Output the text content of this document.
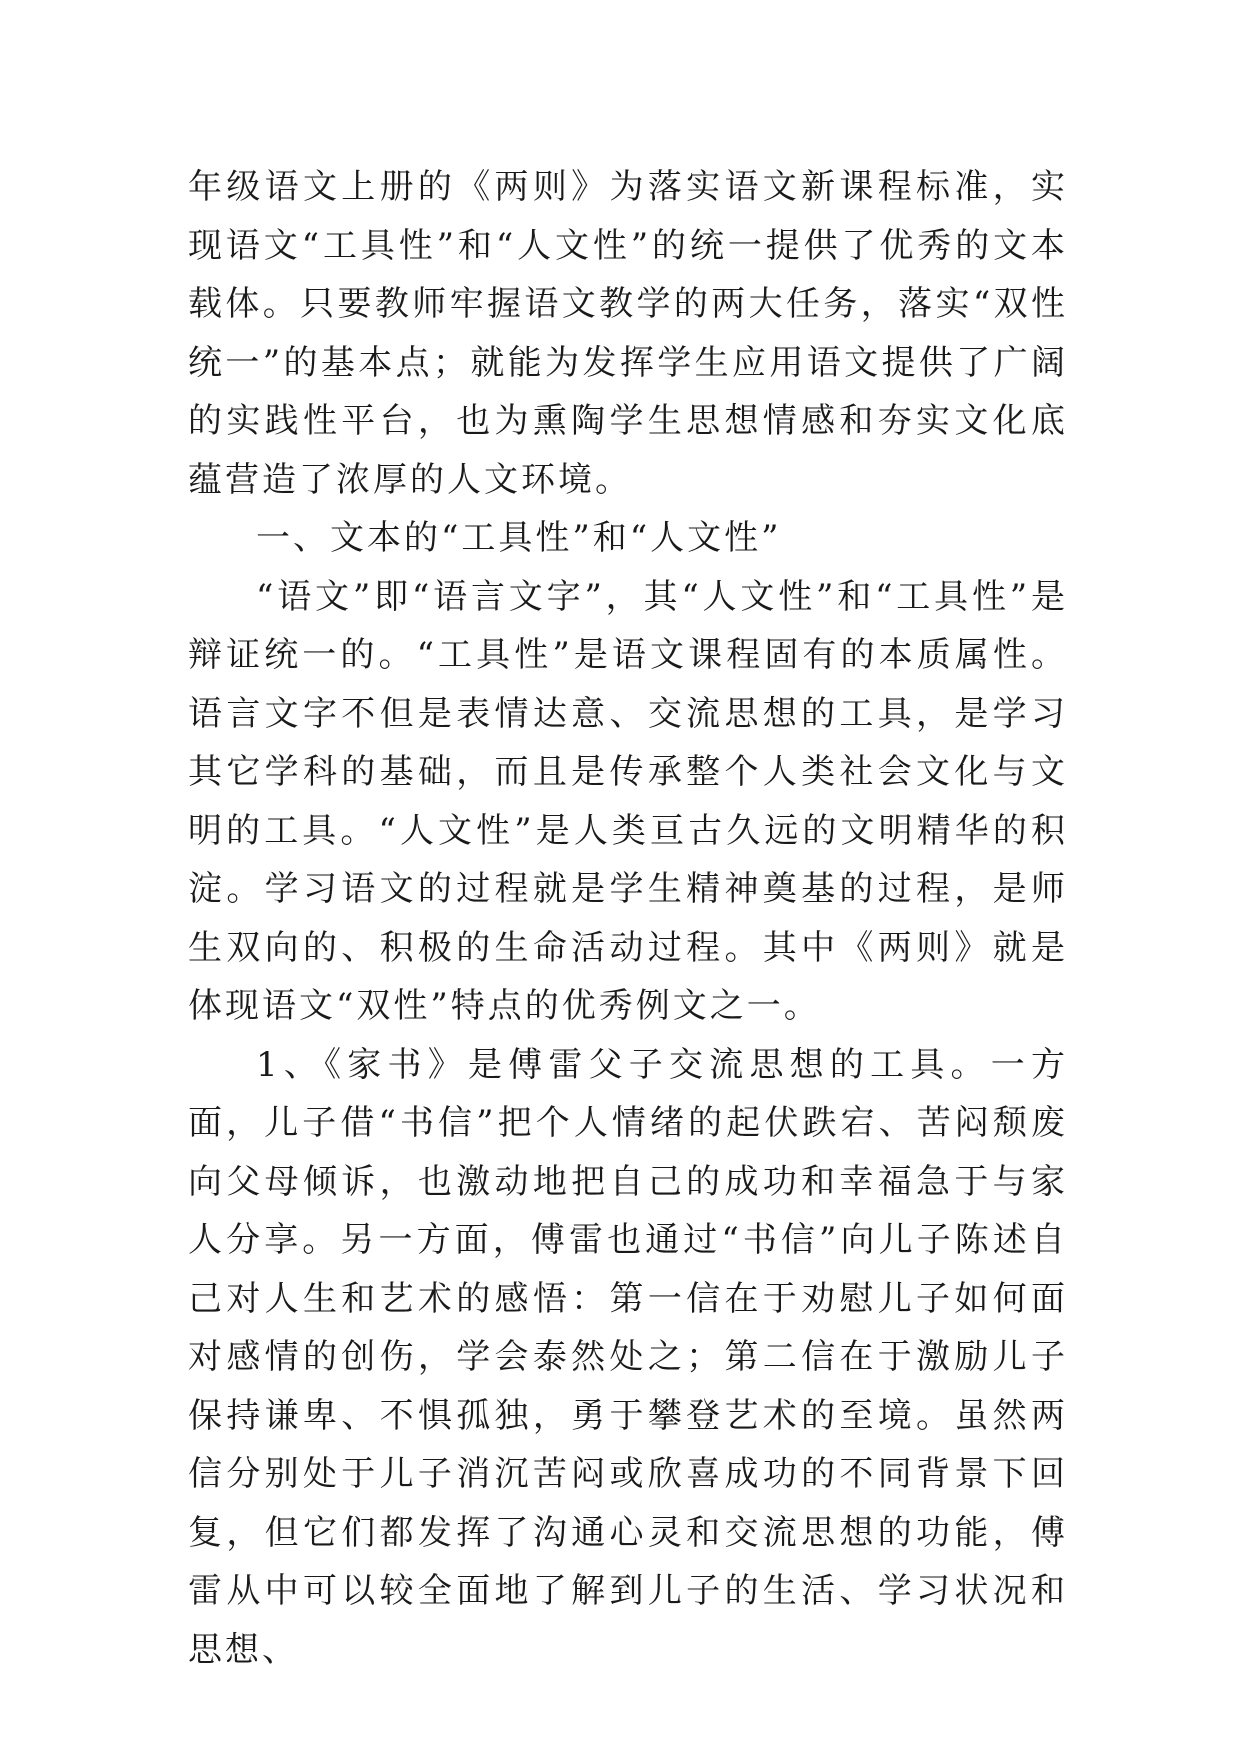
年级语文上册的《两则》为落实语文新课程标准，实现语文“工具性”和“人文性”的统一提供了优秀的文本载体。只要教师牢握语文教学的两大任务，落实“双性统一”的基本点；就能为发挥学生应用语文提供了广阔的实践性平台，也为熏陶学生思想情感和夯实文化底蕴营造了浓厚的人文环境。

一、文本的“工具性”和“人文性”

“语文”即“语言文字”，其“人文性”和“工具性”是辩证统一的。“工具性”是语文课程固有的本质属性。语言文字不但是表情达意、交流思想的工具，是学习其它学科的基础，而且是传承整个人类社会文化与文明的工具。“人文性”是人类亘古久远的文明精华的积淀。学习语文的过程就是学生精神奠基的过程，是师生双向的、积极的生命活动过程。其中《两则》就是体现语文“双性”特点的优秀例文之一。

1、《家书》是傅雷父子交流思想的工具。一方面，儿子借“书信”把个人情绪的起伏跌宕、苦闷颓废向父母倾诉，也激动地把自己的成功和幸福急于与家人分享。另一方面，傅雷也通过“书信”向儿子陈述自己对人生和艺术的感悟：第一信在于劝慰儿子如何面对感情的创伤，学会泰然处之；第二信在于激励儿子保持谦卑、不惧孤独，勇于攀登艺术的至境。虽然两信分别处于儿子消沉苦闷或欣喜成功的不同背景下回复，但它们都发挥了沟通心灵和交流思想的功能，傅雷从中可以较全面地了解到儿子的生活、学习状况和思想、
